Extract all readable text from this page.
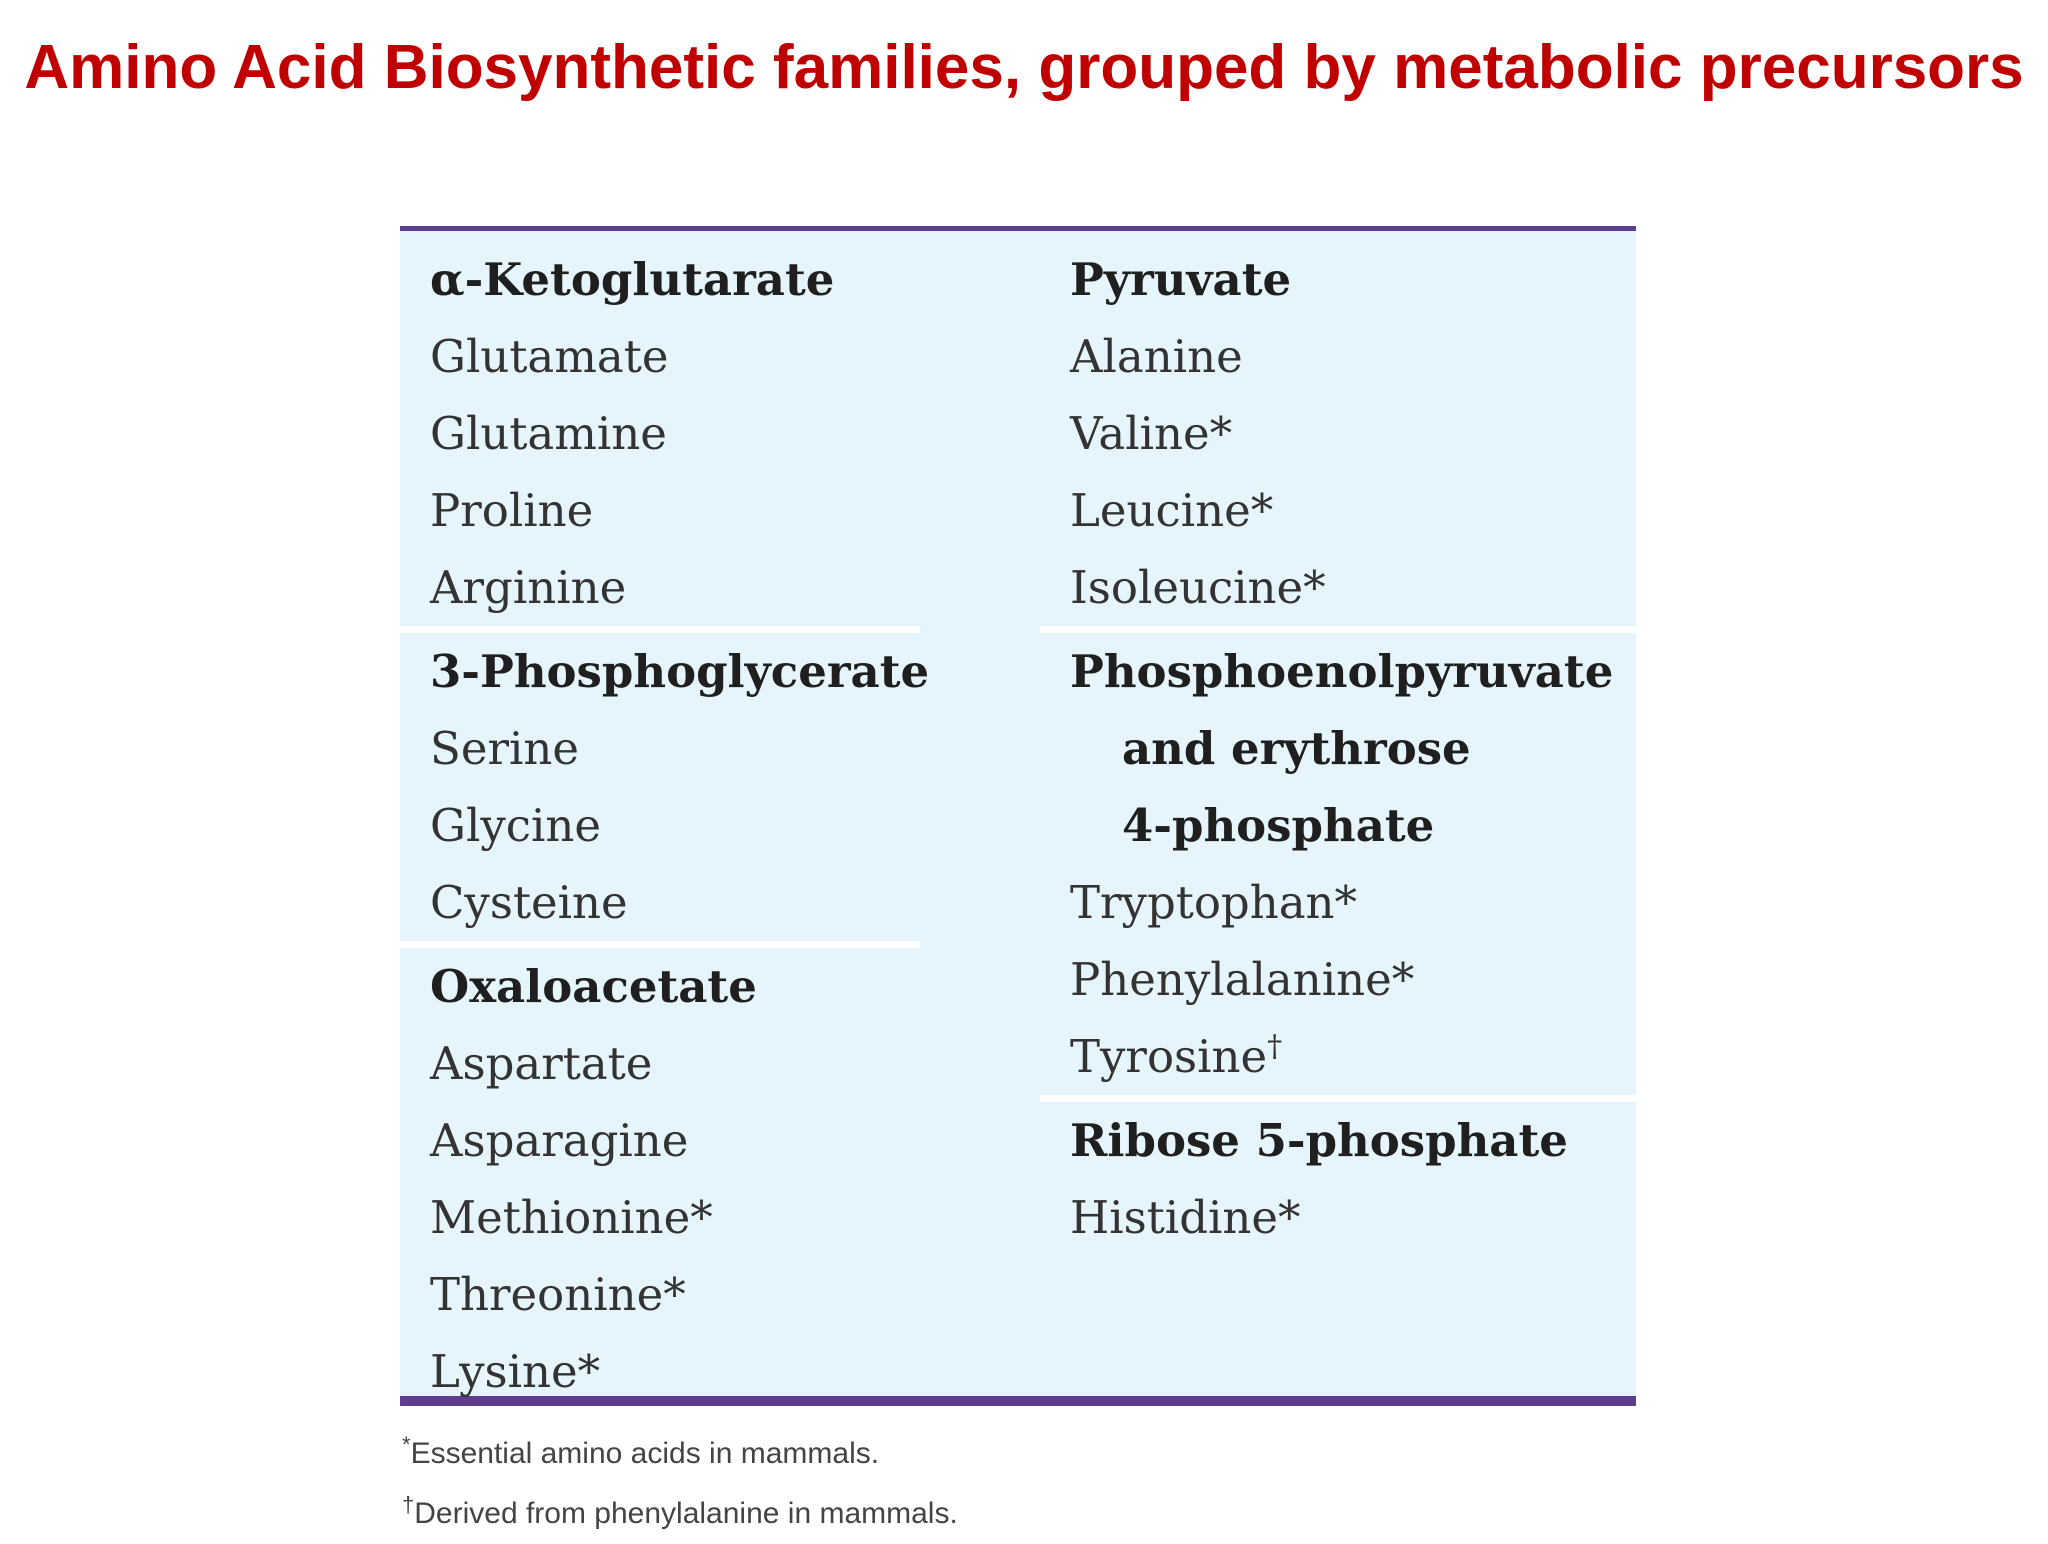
Amino Acid Biosynthetic families, grouped by metabolic precursors
α-Ketoglutarate
Glutamate
Glutamine
Proline
Arginine
3-Phosphoglycerate
Serine
Glycine
Cysteine
Oxaloacetate
Aspartate
Asparagine
Methionine*
Threonine*
Lysine*
Pyruvate
Alanine
Valine*
Leucine*
Isoleucine*
Phosphoenolpyruvate
and erythrose
4-phosphate
Tryptophan*
Phenylalanine*
Tyrosine†
Ribose 5-phosphate
Histidine*
*Essential amino acids in mammals.
†Derived from phenylalanine in mammals.
